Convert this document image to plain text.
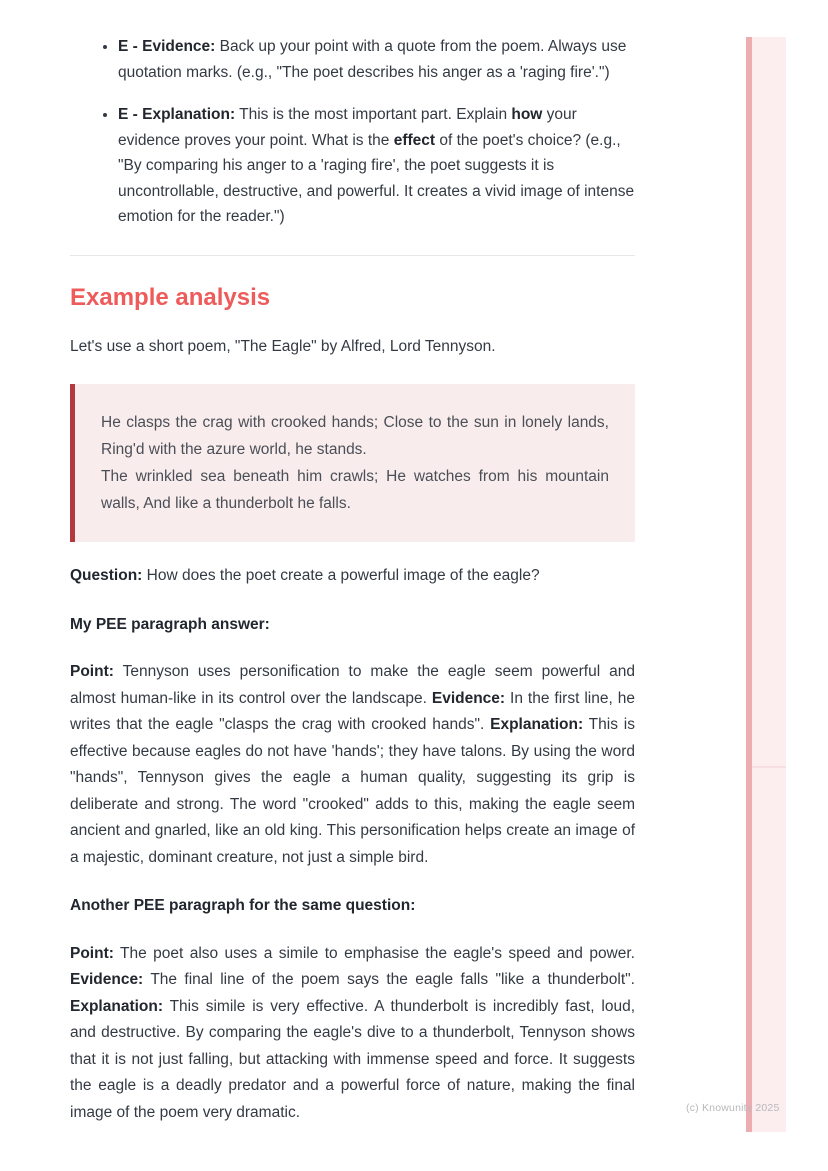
• E - Evidence: Back up your point with a quote from the poem. Always use quotation marks. (e.g., "The poet describes his anger as a 'raging fire'.")
• E - Explanation: This is the most important part. Explain how your evidence proves your point. What is the effect of the poet's choice? (e.g., "By comparing his anger to a 'raging fire', the poet suggests it is uncontrollable, destructive, and powerful. It creates a vivid image of intense emotion for the reader.")
Example analysis

Let's use a short poem, "The Eagle" by Alfred, Lord Tennyson.

He clasps the crag with crooked hands; Close to the sun in lonely lands, Ring'd with the azure world, he stands.

The wrinkled sea beneath him crawls; He watches from his mountain walls, And like a thunderbolt he falls.

Question: How does the poet create a powerful image of the eagle?

My PEE paragraph answer:

Point: Tennyson uses personification to make the eagle seem powerful and almost human-like in its control over the landscape. Evidence: In the first line, he writes that the eagle "clasps the crag with crooked hands". Explanation: This is effective because eagles do not have 'hands'; they have talons. By using the word "hands", Tennyson gives the eagle a human quality, suggesting its grip is deliberate and strong. The word "crooked" adds to this, making the eagle seem ancient and gnarled, like an old king. This personification helps create an image of a majestic, dominant creature, not just a simple bird.

Another PEE paragraph for the same question:

Point: The poet also uses a simile to emphasise the eagle's speed and power. Evidence: The final line of the poem says the eagle falls "like a thunderbolt". Explanation: This simile is very effective. A thunderbolt is incredibly fast, loud, and destructive. By comparing the eagle's dive to a thunderbolt, Tennyson shows that it is not just falling, but attacking with immense speed and force. It suggests the eagle is a deadly predator and a powerful force of nature, making the final image of the poem very dramatic.	(c) Knowunity 2025
